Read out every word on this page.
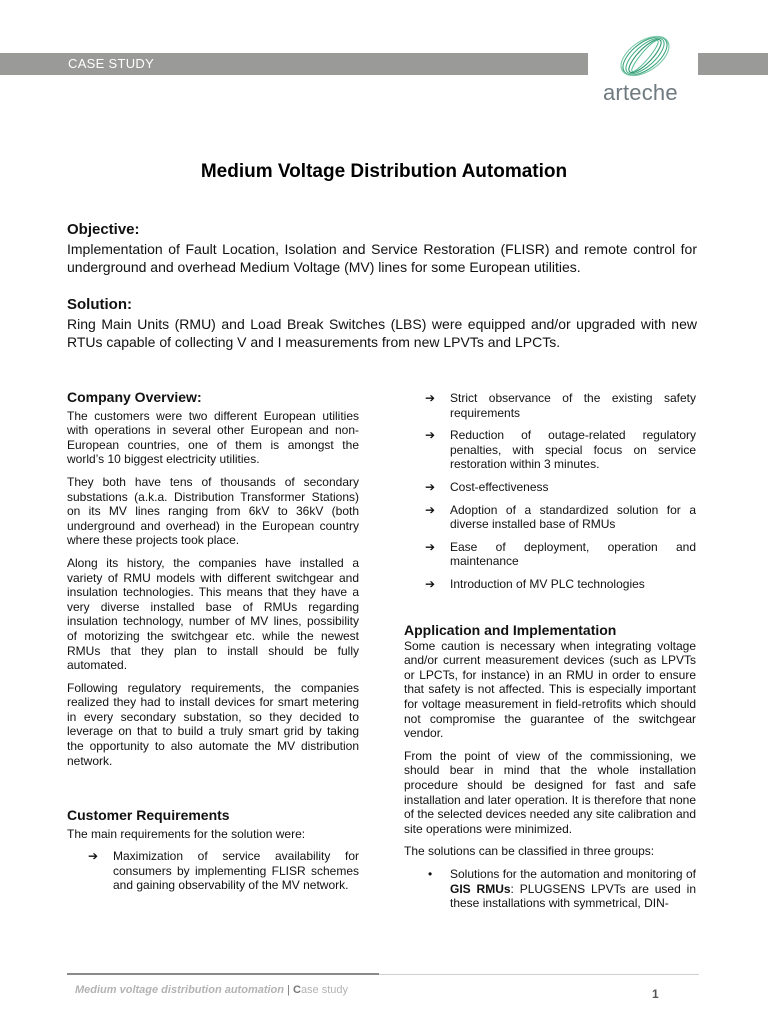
CASE STUDY
arteche
Medium Voltage Distribution Automation
Objective:

Implementation of Fault Location, Isolation and Service Restoration (FLISR) and remote control for underground and overhead Medium Voltage (MV) lines for some European utilities.

Solution:

Ring Main Units (RMU) and Load Break Switches (LBS) were equipped and/or upgraded with new RTUs capable of collecting V and I measurements from new LPVTs and LPCTs.

Company Overview:

The customers were two different European utilities with operations in several other European and non-European countries, one of them is amongst the world’s 10 biggest electricity utilities.

They both have tens of thousands of secondary substations (a.k.a. Distribution Transformer Stations) on its MV lines ranging from 6kV to 36kV (both underground and overhead) in the European country where these projects took place.

Along its history, the companies have installed a variety of RMU models with different switchgear and insulation technologies. This means that they have a very diverse installed base of RMUs regarding insulation technology, number of MV lines, possibility of motorizing the switchgear etc. while the newest RMUs that they plan to install should be fully automated.

Following regulatory requirements, the companies realized they had to install devices for smart metering in every secondary substation, so they decided to leverage on that to build a truly smart grid by taking the opportunity to also automate the MV distribution network.

Customer Requirements

The main requirements for the solution were:

➔ Maximization of service availability for consumers by implementing FLISR schemes and gaining observability of the MV network.
➔ Strict observance of the existing safety requirements
➔ Reduction of outage-related regulatory penalties, with special focus on service restoration within 3 minutes.
➔ Cost-effectiveness
➔ Adoption of a standardized solution for a diverse installed base of RMUs
➔ Ease of deployment, operation and maintenance
➔ Introduction of MV PLC technologies
Application and Implementation

Some caution is necessary when integrating voltage and/or current measurement devices (such as LPVTs or LPCTs, for instance) in an RMU in order to ensure that safety is not affected. This is especially important for voltage measurement in field-retrofits which should not compromise the guarantee of the switchgear vendor.

From the point of view of the commissioning, we should bear in mind that the whole installation procedure should be designed for fast and safe installation and later operation. It is therefore that none of the selected devices needed any site calibration and site operations were minimized.

The solutions can be classified in three groups:

• Solutions for the automation and monitoring of GIS RMUs: PLUGSENS LPVTs are used in these installations with symmetrical, DIN-
Medium voltage distribution automation | Case study	1
